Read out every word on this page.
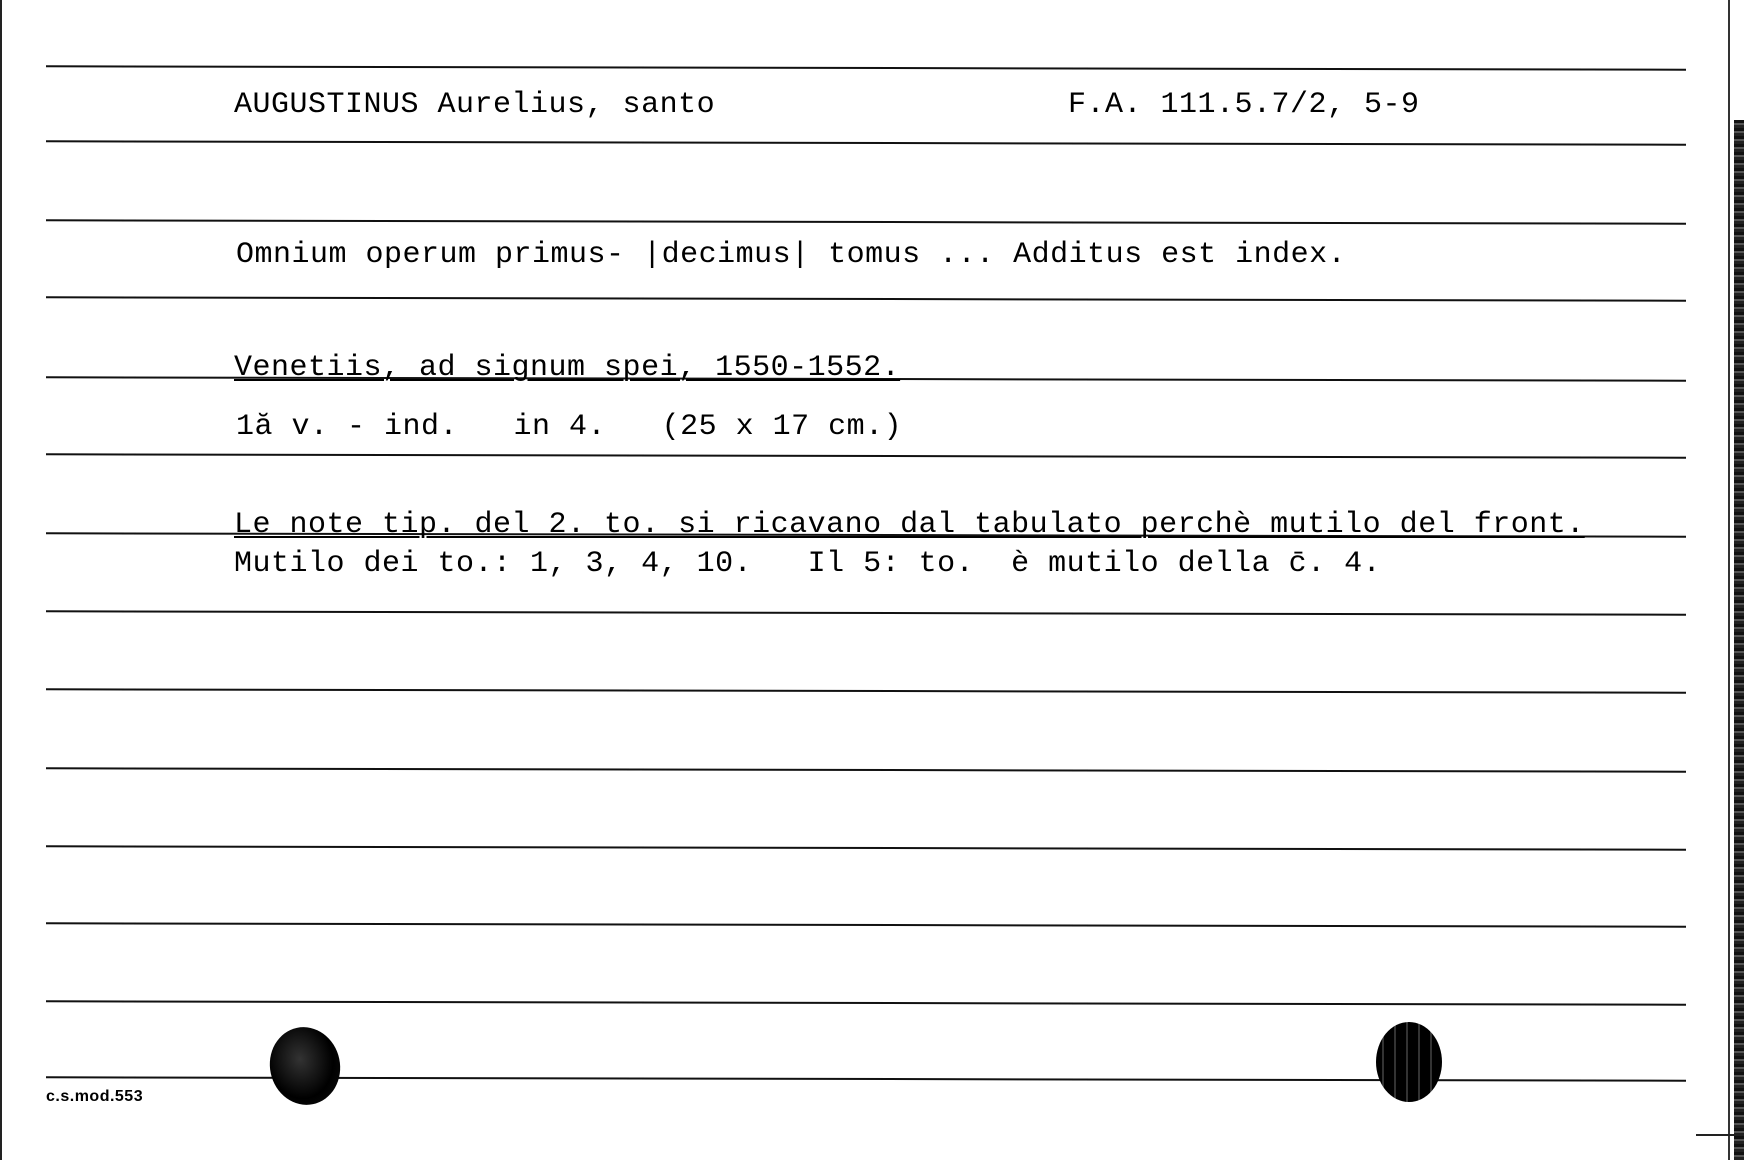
AUGUSTINUS Aurelius, santo	F.A. 111.5.7/2, 5-9
Omnium operum primus- |decimus| tomus ... Additus est index.
Venetiis, ad signum spei, 1550-1552.
1ă v. - ind.   in 4.   (25 x 17 cm.)
Le note tip. del 2. to. si ricavano dal tabulato perchè mutilo del front.
Mutilo dei to.: 1, 3, 4, 10.   Il 5: to.  è mutilo della c̄. 4.
c.s.mod.553
